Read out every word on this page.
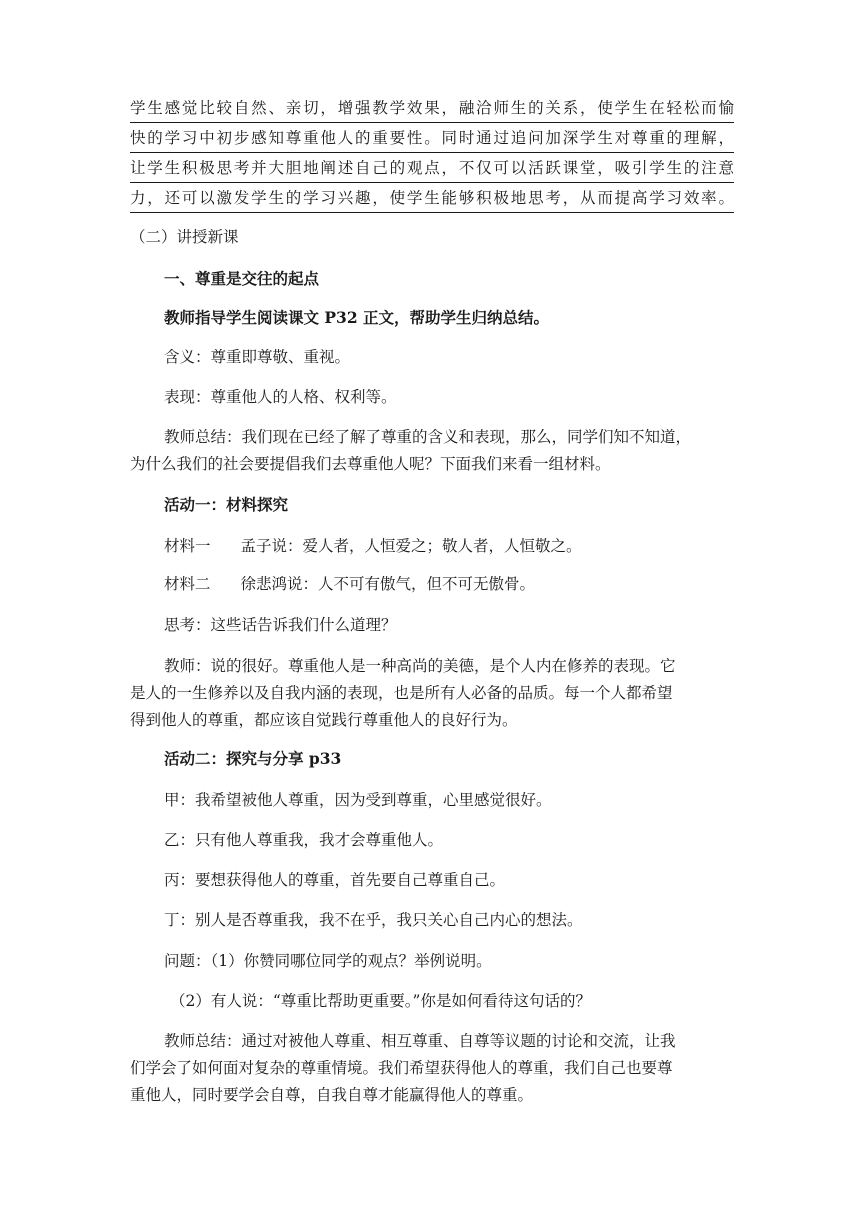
学生感觉比较自然、亲切，增强教学效果，融洽师生的关系，使学生在轻松而愉
快的学习中初步感知尊重他人的重要性。同时通过追问加深学生对尊重的理解，
让学生积极思考并大胆地阐述自己的观点，不仅可以活跃课堂，吸引学生的注意
力，还可以激发学生的学习兴趣，使学生能够积极地思考，从而提高学习效率。

（二）讲授新课

一、尊重是交往的起点

教师指导学生阅读课文 P32 正文，帮助学生归纳总结。

含义：尊重即尊敬、重视。

表现：尊重他人的人格、权利等。

教师总结：我们现在已经了解了尊重的含义和表现，那么，同学们知不知道，

为什么我们的社会要提倡我们去尊重他人呢？下面我们来看一组材料。

活动一：材料探究

材料一 孟子说：爱人者，人恒爱之；敬人者，人恒敬之。

材料二 徐悲鸿说：人不可有傲气，但不可无傲骨。

思考：这些话告诉我们什么道理？

教师：说的很好。尊重他人是一种高尚的美德，是个人内在修养的表现。它

是人的一生修养以及自我内涵的表现，也是所有人必备的品质。每一个人都希望

得到他人的尊重，都应该自觉践行尊重他人的良好行为。

活动二：探究与分享 p33

甲：我希望被他人尊重，因为受到尊重，心里感觉很好。

乙：只有他人尊重我，我才会尊重他人。

丙：要想获得他人的尊重，首先要自己尊重自己。

丁：别人是否尊重我，我不在乎，我只关心自己内心的想法。

问题：（1）你赞同哪位同学的观点？举例说明。

（2）有人说：“尊重比帮助更重要。”你是如何看待这句话的？

教师总结：通过对被他人尊重、相互尊重、自尊等议题的讨论和交流，让我

们学会了如何面对复杂的尊重情境。我们希望获得他人的尊重，我们自己也要尊

重他人，同时要学会自尊，自我自尊才能赢得他人的尊重。
